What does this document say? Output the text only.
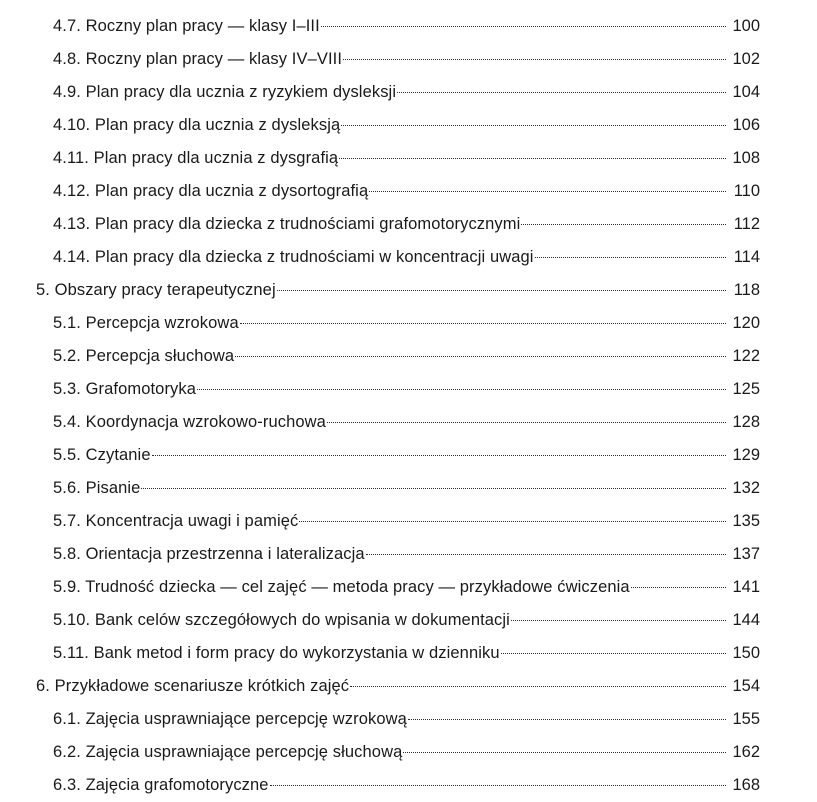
4.7. Roczny plan pracy — klasy I–III	100
4.8. Roczny plan pracy — klasy IV–VIII	102
4.9. Plan pracy dla ucznia z ryzykiem dysleksji	104
4.10. Plan pracy dla ucznia z dysleksją	106
4.11. Plan pracy dla ucznia z dysgrafią	108
4.12. Plan pracy dla ucznia z dysortografią	110
4.13. Plan pracy dla dziecka z trudnościami grafomotorycznymi	112
4.14. Plan pracy dla dziecka z trudnościami w koncentracji uwagi	114
5. Obszary pracy terapeutycznej	118
5.1. Percepcja wzrokowa	120
5.2. Percepcja słuchowa	122
5.3. Grafomotoryka	125
5.4. Koordynacja wzrokowo-ruchowa	128
5.5. Czytanie	129
5.6. Pisanie	132
5.7. Koncentracja uwagi i pamięć	135
5.8. Orientacja przestrzenna i lateralizacja	137
5.9. Trudność dziecka — cel zajęć — metoda pracy — przykładowe ćwiczenia	141
5.10. Bank celów szczegółowych do wpisania w dokumentacji	144
5.11. Bank metod i form pracy do wykorzystania w dzienniku	150
6. Przykładowe scenariusze krótkich zajęć	154
6.1. Zajęcia usprawniające percepcję wzrokową	155
6.2. Zajęcia usprawniające percepcję słuchową	162
6.3. Zajęcia grafomotoryczne	168
